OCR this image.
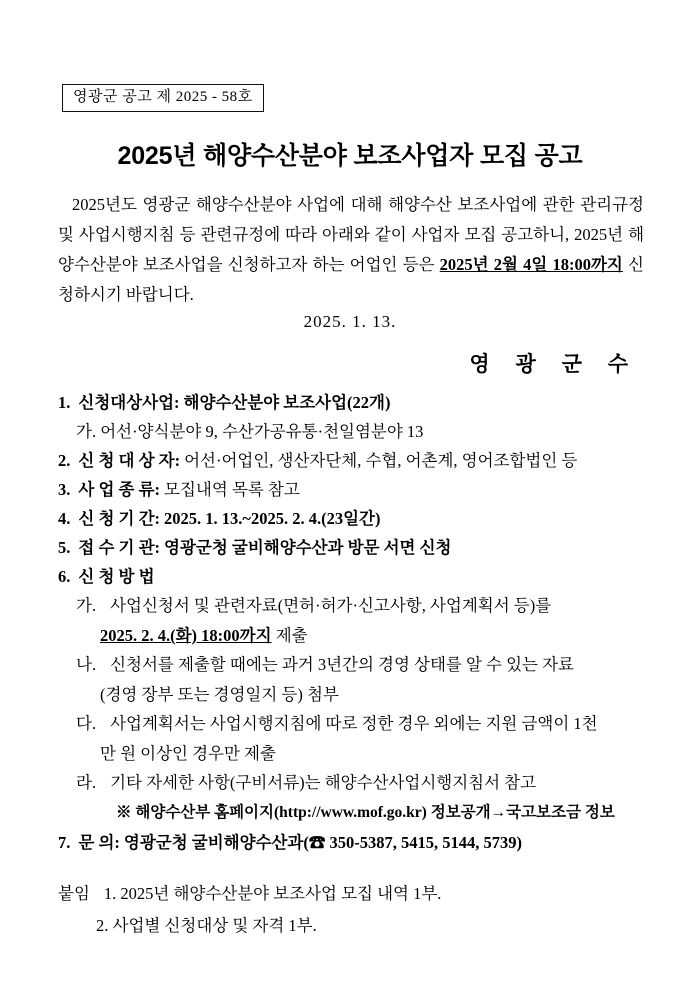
영광군 공고 제 2025 - 58호
2025년 해양수산분야 보조사업자 모집 공고
2025년도 영광군 해양수산분야 사업에 대해 해양수산 보조사업에 관한 관리규정 및 사업시행지침 등 관련규정에 따라 아래와 같이 사업자 모집 공고하니, 2025년 해양수산분야 보조사업을 신청하고자 하는 어업인 등은 2025년 2월 4일 18:00까지 신청하시기 바랍니다.
2025. 1. 13.
영 광 군 수
1. 신청대상사업: 해양수산분야 보조사업(22개)
가. 어선·양식분야 9, 수산가공유통·천일염분야 13
2. 신 청 대 상 자: 어선·어업인, 생산자단체, 수협, 어촌계, 영어조합법인 등
3. 사 업 종 류: 모집내역 목록 참고
4. 신 청 기 간: 2025. 1. 13.~2025. 2. 4.(23일간)
5. 접 수 기 관: 영광군청 굴비해양수산과 방문 서면 신청
6. 신 청 방 법
가. 사업신청서 및 관련자료(면허·허가·신고사항, 사업계획서 등)를
2025. 2. 4.(화) 18:00까지 제출
나. 신청서를 제출할 때에는 과거 3년간의 경영 상태를 알 수 있는 자료
(경영 장부 또는 경영일지 등) 첨부
다. 사업계획서는 사업시행지침에 따로 정한 경우 외에는 지원 금액이 1천
만 원 이상인 경우만 제출
라. 기타 자세한 사항(구비서류)는 해양수산사업시행지침서 참고
※ 해양수산부 홈페이지(http://www.mof.go.kr) 정보공개→국고보조금 정보
7. 문 의: 영광군청 굴비해양수산과(☎ 350-5387, 5415, 5144, 5739)
붙임 1. 2025년 해양수산분야 보조사업 모집 내역 1부.
2. 사업별 신청대상 및 자격 1부.
